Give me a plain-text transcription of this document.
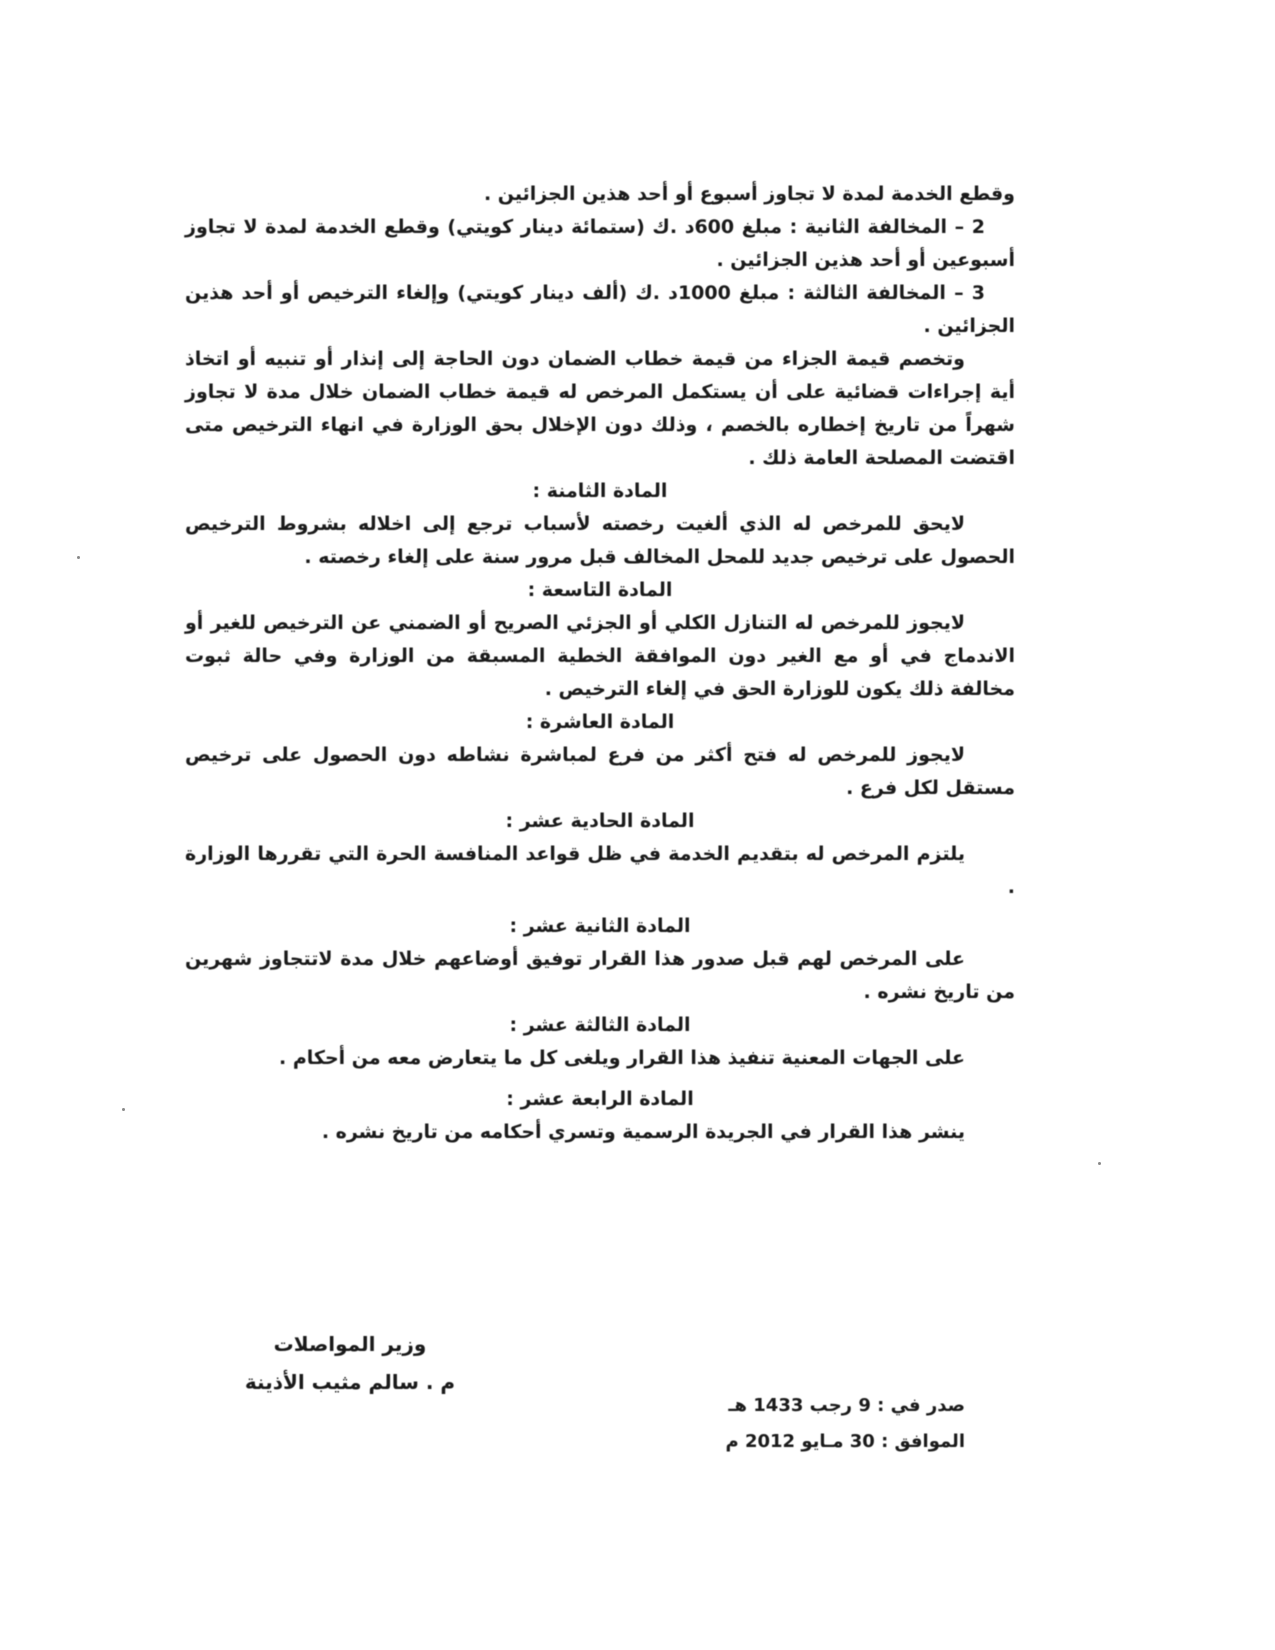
وقطع الخدمة لمدة لا تجاوز أسبوع أو أحد هذين الجزائين .

2 – المخالفة الثانية : مبلغ 600د .ك (ستمائة دينار كويتي) وقطع الخدمة لمدة لا تجاوز أسبوعين أو أحد هذين الجزائين .

3 – المخالفة الثالثة : مبلغ 1000د .ك (ألف دينار كويتي) وإلغاء الترخيص أو أحد هذين الجزائين .

وتخصم قيمة الجزاء من قيمة خطاب الضمان دون الحاجة إلى إنذار أو تنبيه أو اتخاذ أية إجراءات قضائية على أن يستكمل المرخص له قيمة خطاب الضمان خلال مدة لا تجاوز شهراً من تاريخ إخطاره بالخصم ، وذلك دون الإخلال بحق الوزارة في انهاء الترخيص متى اقتضت المصلحة العامة ذلك .

المادة الثامنة :

لايحق للمرخص له الذي ألغيت رخصته لأسباب ترجع إلى اخلاله بشروط الترخيص الحصول على ترخيص جديد للمحل المخالف قبل مرور سنة على إلغاء رخصته .

المادة التاسعة :

لايجوز للمرخص له التنازل الكلي أو الجزئي الصريح أو الضمني عن الترخيص للغير أو الاندماج في أو مع الغير دون الموافقة الخطية المسبقة من الوزارة وفي حالة ثبوت مخالفة ذلك يكون للوزارة الحق في إلغاء الترخيص .

المادة العاشرة :

لايجوز للمرخص له فتح أكثر من فرع لمباشرة نشاطه دون الحصول على ترخيص مستقل لكل فرع .

المادة الحادية عشر :

يلتزم المرخص له بتقديم الخدمة في ظل قواعد المنافسة الحرة التي تقررها الوزارة .

المادة الثانية عشر :

على المرخص لهم قبل صدور هذا القرار توفيق أوضاعهم خلال مدة لاتتجاوز شهرين من تاريخ نشره .

المادة الثالثة عشر :

على الجهات المعنية تنفيذ هذا القرار ويلغى كل ما يتعارض معه من أحكام .

المادة الرابعة عشر :

ينشر هذا القرار في الجريدة الرسمية وتسري أحكامه من تاريخ نشره .

وزير المواصلات
م . سالم مثيب الأذينة
صدر في : 9 رجب 1433 هـ
الموافق : 30 مـايو 2012 م
